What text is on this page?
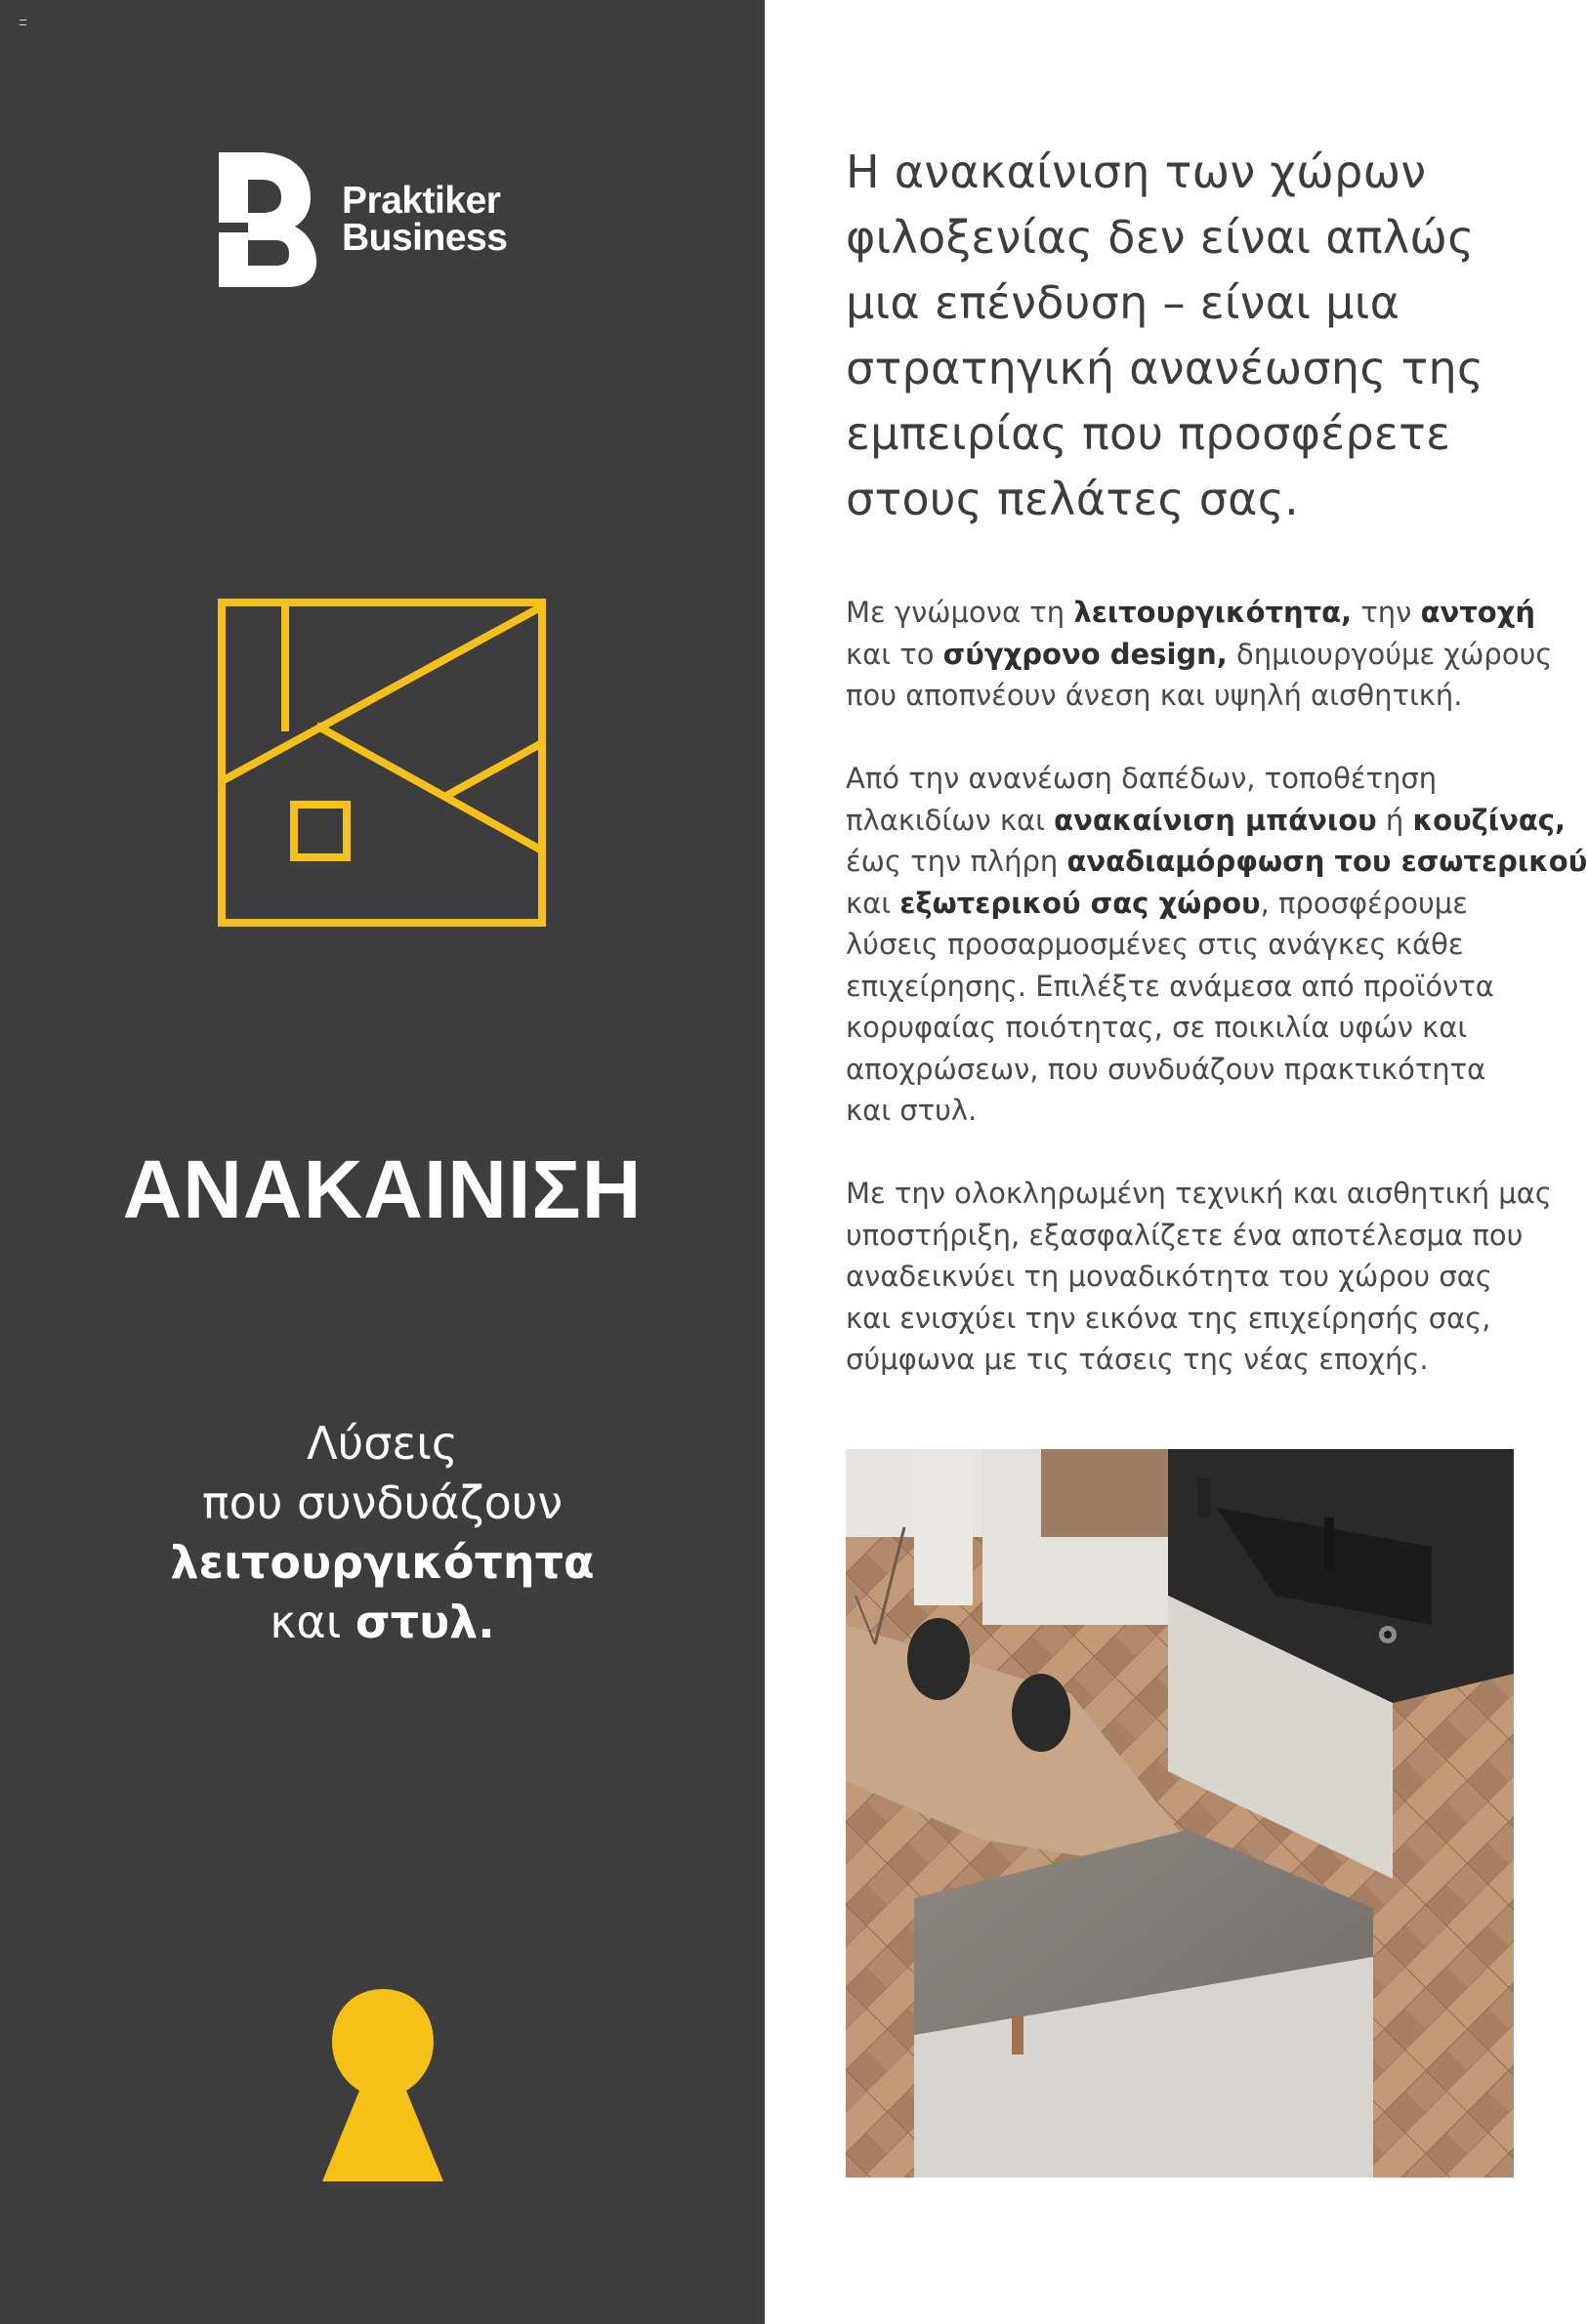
Praktiker
Business
ΑΝΑΚΑΙΝΙΣΗ
Λύσεις
που συνδυάζουν
λειτουργικότητα
και στυλ.
Η ανακαίνιση των χώρων
φιλοξενίας δεν είναι απλώς
μια επένδυση – είναι μια
στρατηγική ανανέωσης της
εμπειρίας που προσφέρετε
στους πελάτες σας.
Με γνώμονα τη λειτουργικότητα, την αντοχή
και το σύγχρονο design, δημιουργούμε χώρους
που αποπνέουν άνεση και υψηλή αισθητική.
Από την ανανέωση δαπέδων, τοποθέτηση
πλακιδίων και ανακαίνιση μπάνιου ή κουζίνας,
έως την πλήρη αναδιαμόρφωση του εσωτερικού
και εξωτερικού σας χώρου, προσφέρουμε
λύσεις προσαρμοσμένες στις ανάγκες κάθε
επιχείρησης. Επιλέξτε ανάμεσα από προϊόντα
κορυφαίας ποιότητας, σε ποικιλία υφών και
αποχρώσεων, που συνδυάζουν πρακτικότητα
και στυλ.
Με την ολοκληρωμένη τεχνική και αισθητική μας
υποστήριξη, εξασφαλίζετε ένα αποτέλεσμα που
αναδεικνύει τη μοναδικότητα του χώρου σας
και ενισχύει την εικόνα της επιχείρησής σας,
σύμφωνα με τις τάσεις της νέας εποχής.
